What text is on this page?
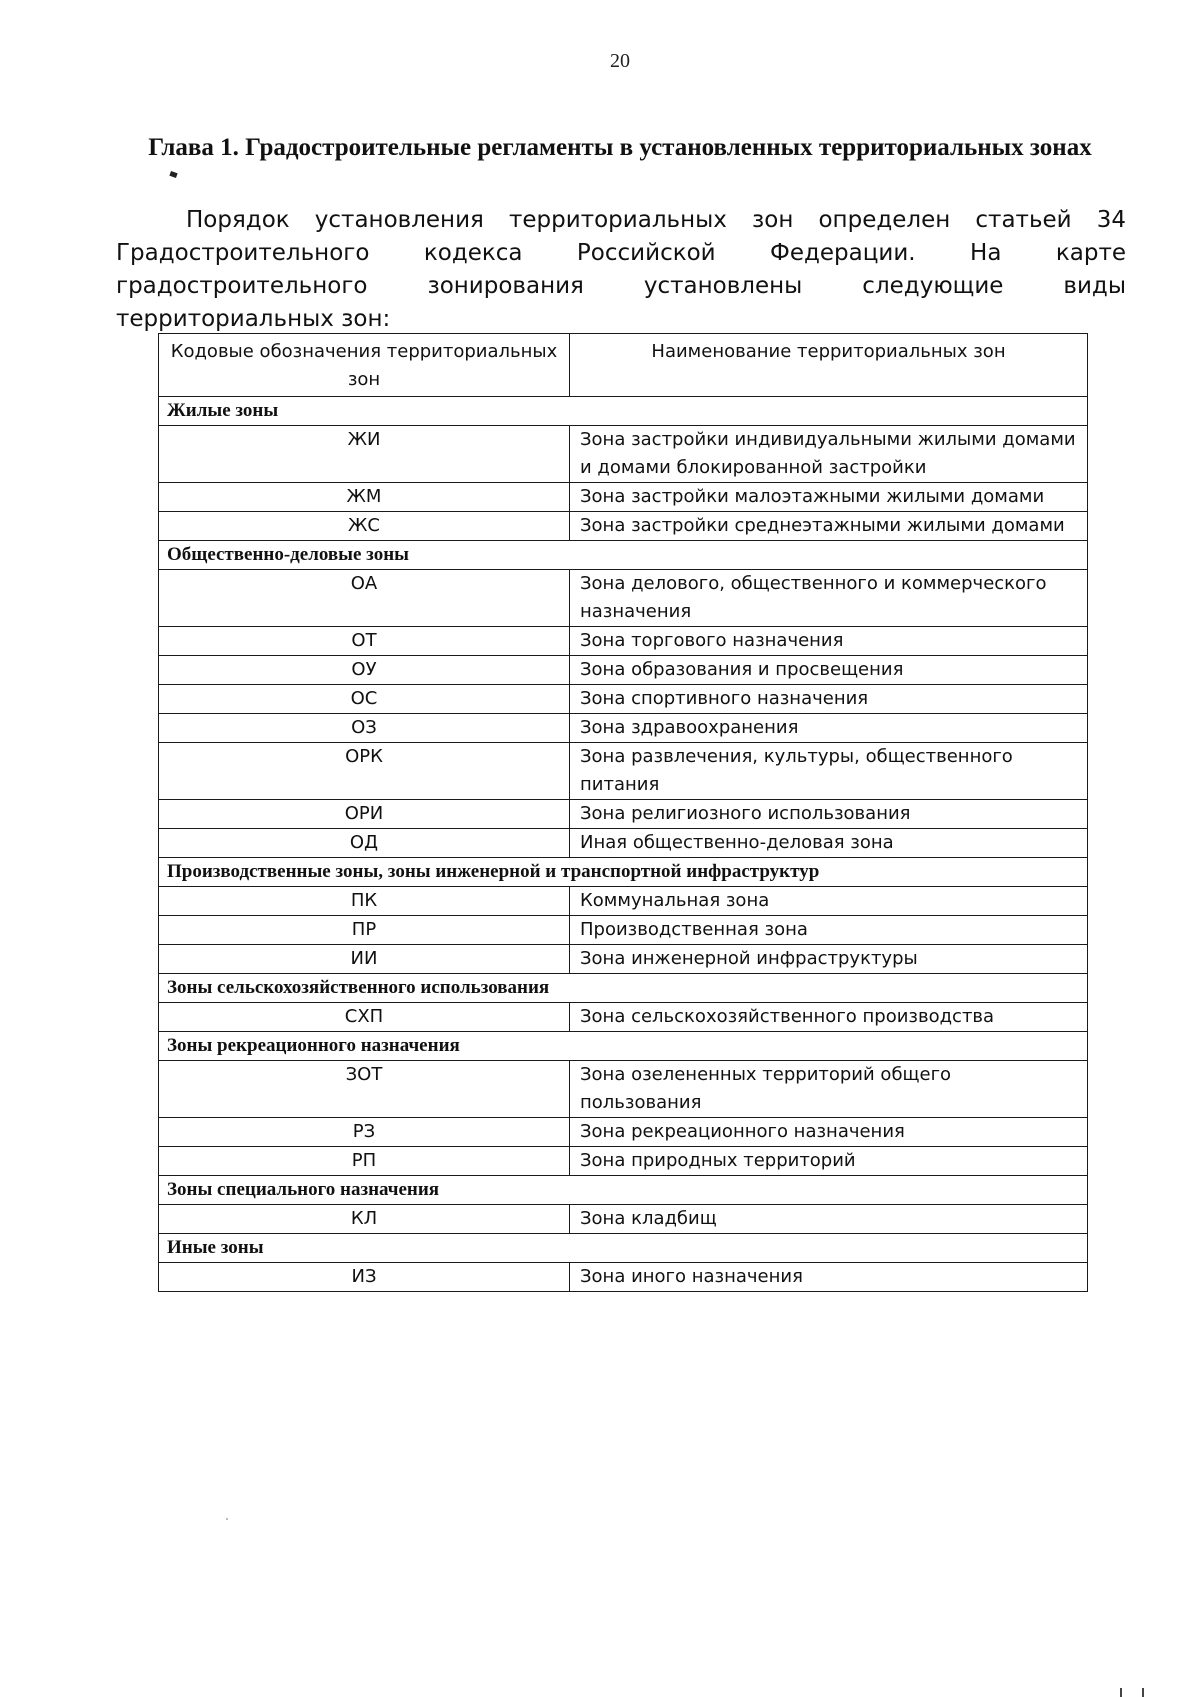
20
Глава 1. Градостроительные регламенты в установленных территориальных зонах
Порядок установления территориальных зон определен статьей 34 Градостроительного кодекса Российской Федерации. На карте градостроительного зонирования установлены следующие виды территориальных зон:
Кодовые обозначения территориальных зон	Наименование территориальных зон
Жилые зоны	
ЖИ	Зона застройки индивидуальными жилыми домами и домами блокированной застройки
ЖМ	Зона застройки малоэтажными жилыми домами
ЖС	Зона застройки среднеэтажными жилыми домами
Общественно-деловые зоны	
ОА	Зона делового, общественного и коммерческого назначения
ОТ	Зона торгового назначения
ОУ	Зона образования и просвещения
ОС	Зона спортивного назначения
ОЗ	Зона здравоохранения
ОРК	Зона развлечения, культуры, общественного питания
ОРИ	Зона религиозного использования
ОД	Иная общественно-деловая зона
Производственные зоны, зоны инженерной и транспортной инфраструктур	
ПК	Коммунальная зона
ПР	Производственная зона
ИИ	Зона инженерной инфраструктуры
Зоны сельскохозяйственного использования	
СХП	Зона сельскохозяйственного производства
Зоны рекреационного назначения	
ЗОТ	Зона озелененных территорий общего пользования
РЗ	Зона рекреационного назначения
РП	Зона природных территорий
Зоны специального назначения	
КЛ	Зона кладбищ
Иные зоны	
ИЗ	Зона иного назначения
